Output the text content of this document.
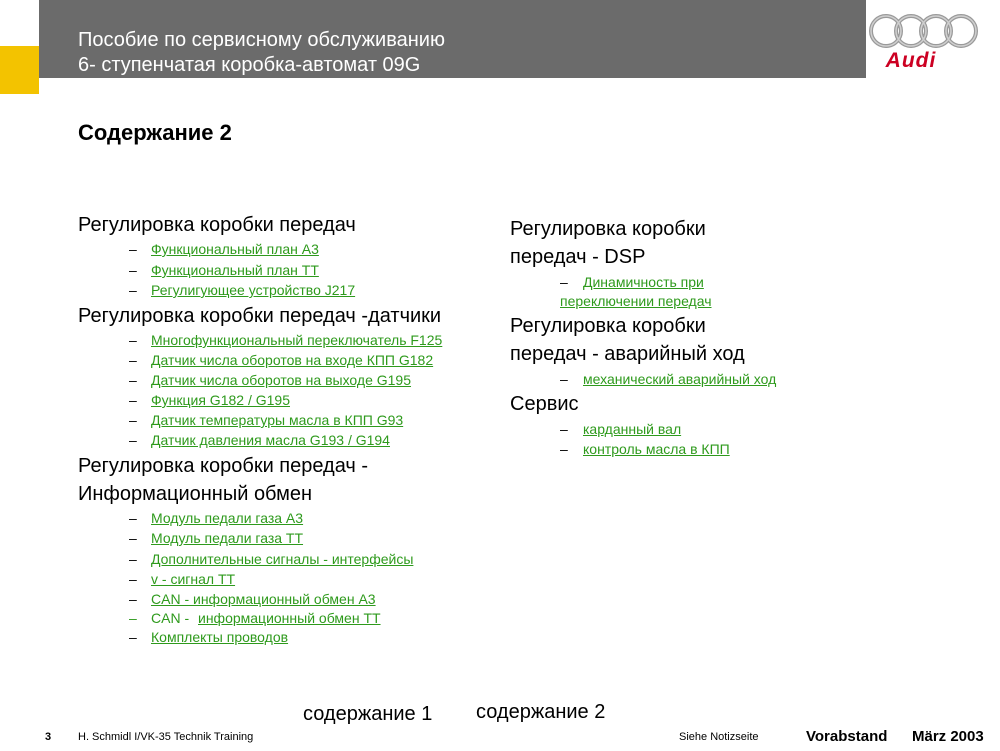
Пособие по сервисному обслуживанию
6- ступенчатая коробка-автомат 09G	Audi
Содержание 2
Регулировка коробки передач
– Функциональный план А3
– Функциональный план ТТ
– Регулигующее устройство J217
Регулировка коробки передач -датчики
– Многофункциональный переключатель F125
– Датчик числа оборотов на входе КПП G182
– Датчик числа оборотов на выходе G195
– Функция G182 / G195
– Датчик температуры масла в КПП G93
– Датчик давления масла G193 / G194
Регулировка коробки передач -
Информационный обмен
– Модуль педали газа А3
– Модуль педали газа ТТ
– Дополнительные сигналы - интерфейсы
– v - сигнал ТТ
– CAN - информационный обмен А3
– CAN - информационный обмен ТТ
– Комплекты проводов
Регулировка коробки
передач - DSP
– Динамичность при
переключении передач
Регулировка коробки
передач - аварийный ход
– механический аварийный ход
Сервис
– карданный вал
– контроль масла в КПП
содержание 1 содержание 2
3 H. Schmidl I/VK-35 Technik Training	Siehe Notizseite	Vorabstand März 2003
